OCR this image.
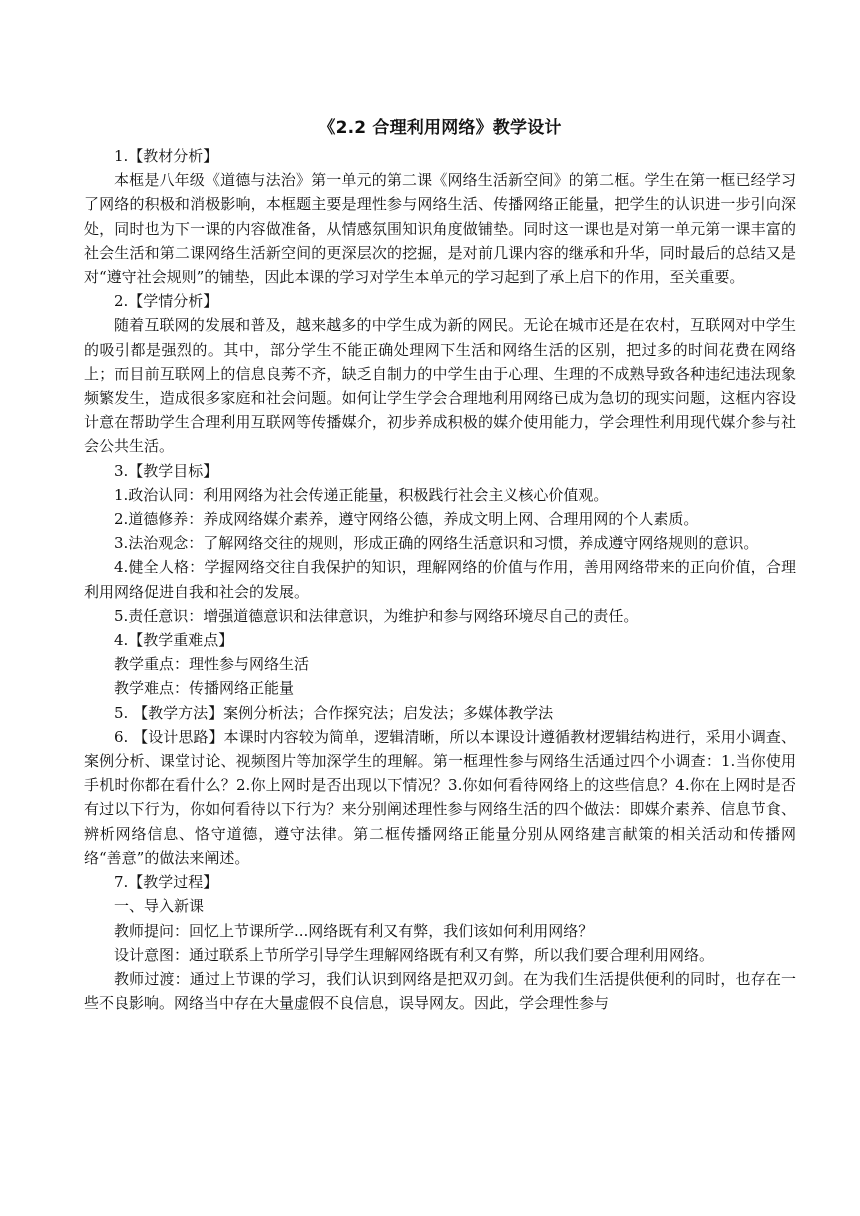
《2.2 合理利用网络》教学设计

1.【教材分析】

本框是八年级《道德与法治》第一单元的第二课《网络生活新空间》的第二框。学生在第一框已经学习了网络的积极和消极影响，本框题主要是理性参与网络生活、传播网络正能量，把学生的认识进一步引向深处，同时也为下一课的内容做准备，从情感氛围知识角度做铺垫。同时这一课也是对第一单元第一课丰富的社会生活和第二课网络生活新空间的更深层次的挖掘，是对前几课内容的继承和升华，同时最后的总结又是对“遵守社会规则”的铺垫，因此本课的学习对学生本单元的学习起到了承上启下的作用，至关重要。

2.【学情分析】

随着互联网的发展和普及，越来越多的中学生成为新的网民。无论在城市还是在农村，互联网对中学生的吸引都是强烈的。其中，部分学生不能正确处理网下生活和网络生活的区别，把过多的时间花费在网络上；而目前互联网上的信息良莠不齐，缺乏自制力的中学生由于心理、生理的不成熟导致各种违纪违法现象频繁发生，造成很多家庭和社会问题。如何让学生学会合理地利用网络已成为急切的现实问题，这框内容设计意在帮助学生合理利用互联网等传播媒介，初步养成积极的媒介使用能力，学会理性利用现代媒介参与社会公共生活。

3.【教学目标】

1.政治认同：利用网络为社会传递正能量，积极践行社会主义核心价值观。

2.道德修养：养成网络媒介素养，遵守网络公德，养成文明上网、合理用网的个人素质。

3.法治观念：了解网络交往的规则，形成正确的网络生活意识和习惯，养成遵守网络规则的意识。

4.健全人格：学握网络交往自我保护的知识，理解网络的价值与作用，善用网络带来的正向价值，合理利用网络促进自我和社会的发展。

5.责任意识：增强道德意识和法律意识，为维护和参与网络环境尽自己的责任。

4.【教学重难点】

教学重点：理性参与网络生活

教学难点：传播网络正能量

5. 【教学方法】案例分析法；合作探究法；启发法；多媒体教学法

6. 【设计思路】本课时内容较为简单，逻辑清晰，所以本课设计遵循教材逻辑结构进行，采用小调查、案例分析、课堂讨论、视频图片等加深学生的理解。第一框理性参与网络生活通过四个小调查：1.当你使用手机时你都在看什么？2.你上网时是否出现以下情况？3.你如何看待网络上的这些信息？4.你在上网时是否有过以下行为，你如何看待以下行为？来分别阐述理性参与网络生活的四个做法：即媒介素养、信息节食、辨析网络信息、恪守道德，遵守法律。第二框传播网络正能量分别从网络建言献策的相关活动和传播网络“善意”的做法来阐述。

7.【教学过程】

一、导入新课

教师提问：回忆上节课所学...网络既有利又有弊，我们该如何利用网络？

设计意图：通过联系上节所学引导学生理解网络既有利又有弊，所以我们要合理利用网络。

教师过渡：通过上节课的学习，我们认识到网络是把双刃剑。在为我们生活提供便利的同时，也存在一些不良影响。网络当中存在大量虚假不良信息，误导网友。因此，学会理性参与
